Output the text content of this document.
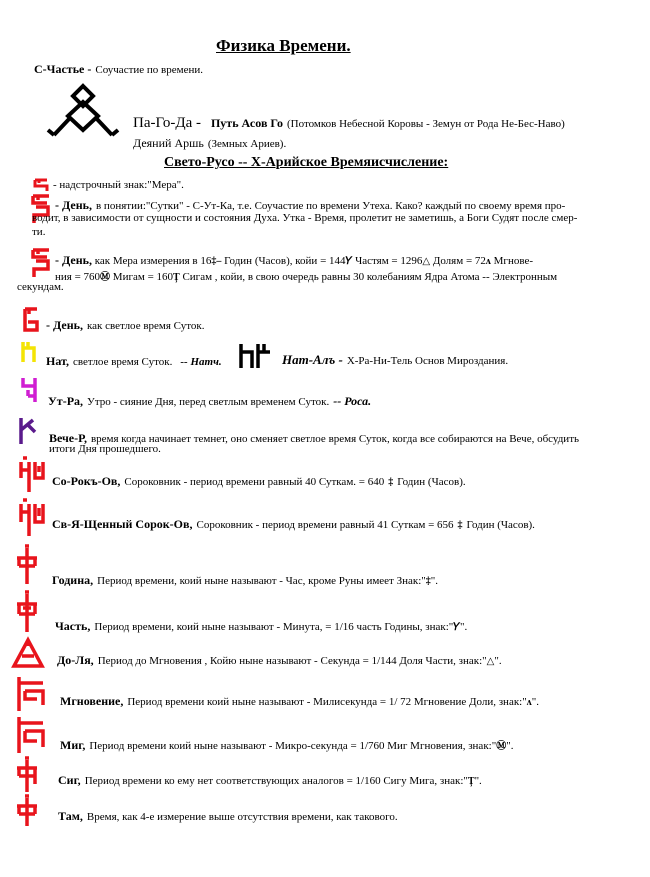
Физика Времени.
С-Частье - Соучастие по времени.
Па-Го-Да - Путь Асов Го (Потомков Небесной Коровы - Земун от Рода Не-Бес-Наво)
Деяний Аршь (Земных Ариев).
Свето-Русо -- Х-Арийское Времяисчисление:
- надстрочный знак:"Мера".
- День, в понятии:"Сутки" - С-Ут-Ка, т.е. Соучастие по времени Утеха. Како? каждый по своему время про-
водит, в зависимости от сущности и состояния Духа. Утка - Время, пролетит не заметишь, а Боги Судят после смер-
ти.
- День, как Мера измерения в 16‡– Годин (Часов), койи = 144𝛶 Частям = 1296△ Долям = 72ʌ Мгнове-
ния = 760Ⓜ Мигам = 160Ț Сигам , койи, в свою очередь равны 30 колебаниям Ядра Атома -- Электронным
секундам.
- День, как светлое время Суток.
Нат, светлое время Суток. -- Натч.	Нат-Алъ - Х-Ра-Ни-Тель Основ Мироздания.
Ут-Ра, Утро - сияние Дня, перед светлым временем Суток. -- Роса.
Вече-Р, время когда начинает темнет, оно сменяет светлое время Суток, когда все собираются на Вече, обсудить
итоги Дня прошедшего.
Со-Рокъ-Ов, Сороковник - период времени равный 40 Суткам. = 640 ‡ Годин (Часов).
Св-Я-Щенный Сорок-Ов, Сороковник - период времени равный 41 Суткам = 656 ‡ Годин (Часов).
Година, Период времени, коий ныне называют - Час, кроме Руны имеет Знак:"‡".
Часть, Период времени, коий ныне называют - Минута, = 1/16 часть Годины, знак:"𝛶".
До-Ля, Период до Мгновения , Койю ныне называют - Секунда = 1/144 Доля Части, знак:"△".
Мгновение, Период времени коий ныне называют - Милисекунда = 1/ 72 Мгновение Доли, знак:"ʌ".
Миг, Период времени коий ныне называют - Микро-секунда = 1/760 Миг Мгновения, знак:"Ⓜ".
Сиг, Период времени ко ему нет соответствующих аналогов = 1/160 Сигу Мига, знак:"Ț".
Там, Время, как 4-е измерение выше отсутствия времени, как такового.
